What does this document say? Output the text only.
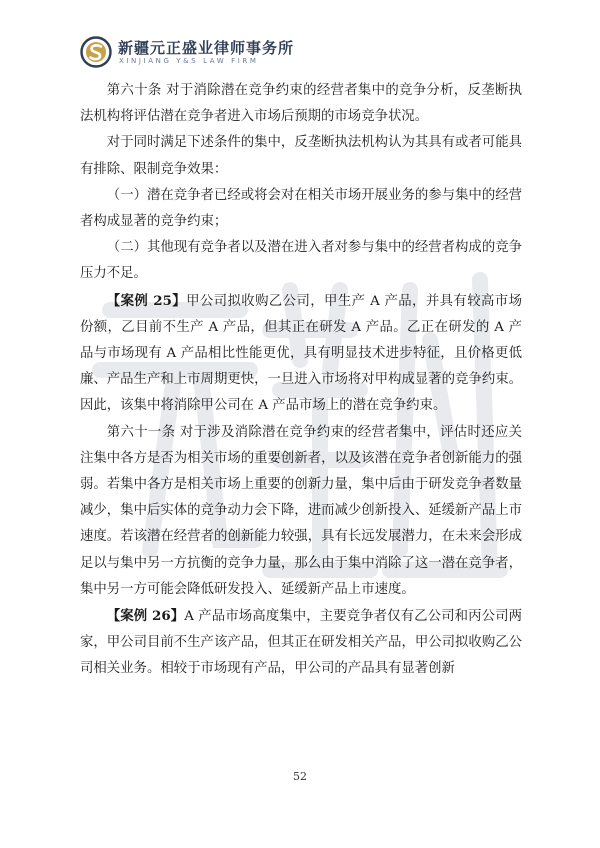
新疆元正盛业律师事务所
XINJIANG Y&S LAW FIRM

第六十条 对于消除潜在竞争约束的经营者集中的竞争分析，反垄断执法机构将评估潜在竞争者进入市场后预期的市场竞争状况。

对于同时满足下述条件的集中，反垄断执法机构认为其具有或者可能具有排除、限制竞争效果：

（一）潜在竞争者已经或将会对在相关市场开展业务的参与集中的经营者构成显著的竞争约束；

（二）其他现有竞争者以及潜在进入者对参与集中的经营者构成的竞争压力不足。

【案例 25】甲公司拟收购乙公司，甲生产 A 产品，并具有较高市场份额，乙目前不生产 A 产品，但其正在研发 A 产品。乙正在研发的 A 产品与市场现有 A 产品相比性能更优，具有明显技术进步特征，且价格更低廉、产品生产和上市周期更快，一旦进入市场将对甲构成显著的竞争约束。因此，该集中将消除甲公司在 A 产品市场上的潜在竞争约束。

第六十一条 对于涉及消除潜在竞争约束的经营者集中，评估时还应关注集中各方是否为相关市场的重要创新者，以及该潜在竞争者创新能力的强弱。若集中各方是相关市场上重要的创新力量，集中后由于研发竞争者数量减少，集中后实体的竞争动力会下降，进而减少创新投入、延缓新产品上市速度。若该潜在经营者的创新能力较强，具有长远发展潜力，在未来会形成足以与集中另一方抗衡的竞争力量，那么由于集中消除了这一潜在竞争者，集中另一方可能会降低研发投入、延缓新产品上市速度。

【案例 26】A 产品市场高度集中，主要竞争者仅有乙公司和丙公司两家，甲公司目前不生产该产品，但其正在研发相关产品，甲公司拟收购乙公司相关业务。相较于市场现有产品，甲公司的产品具有显著创新

52
